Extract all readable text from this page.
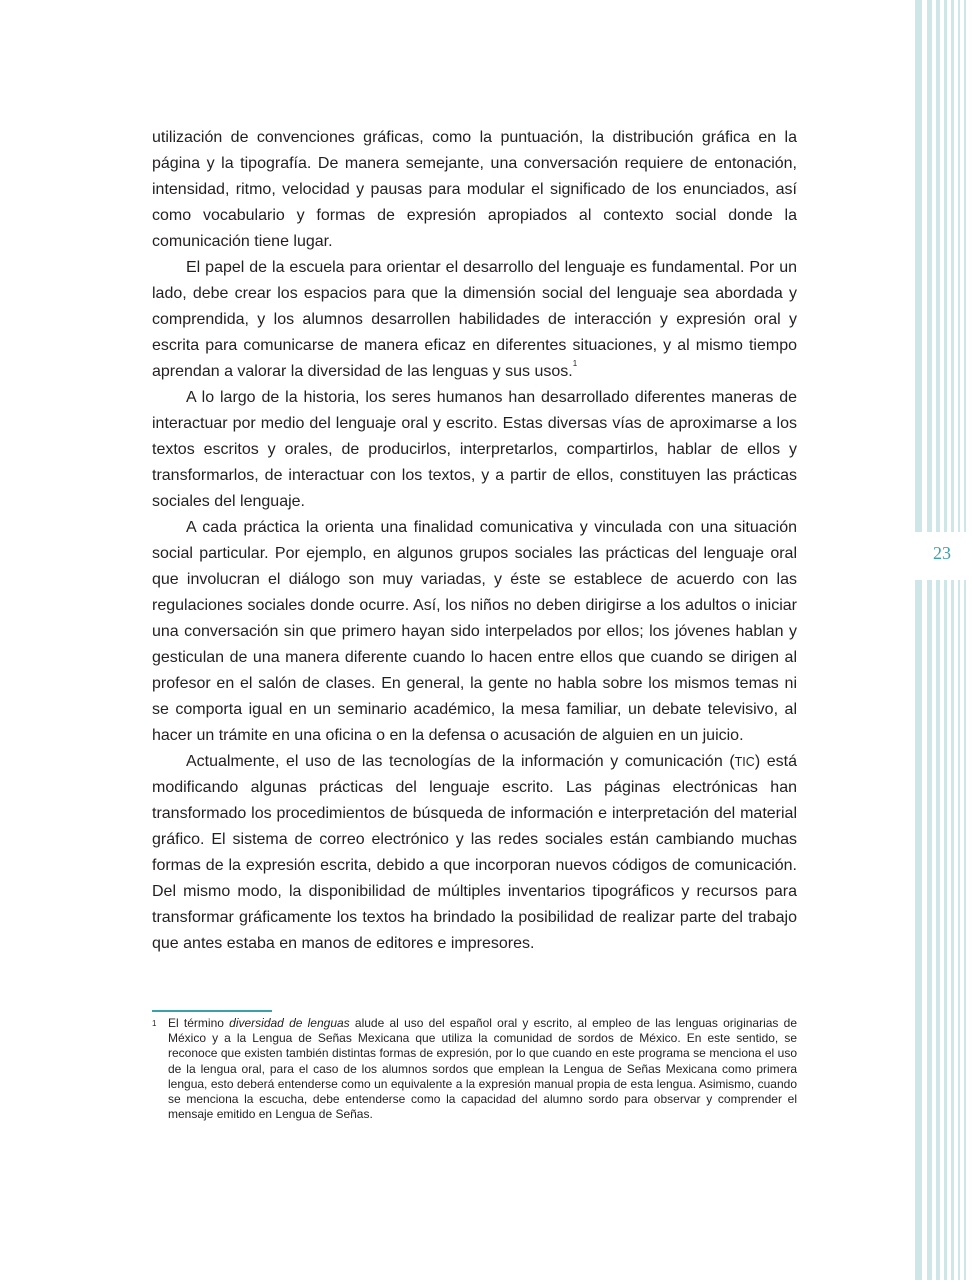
23

utilización de convenciones gráficas, como la puntuación, la distribución gráfica en la página y la tipografía. De manera semejante, una conversación requiere de entonación, intensidad, ritmo, velocidad y pausas para modular el significado de los enunciados, así como vocabulario y formas de expresión apropiados al contexto social donde la comunicación tiene lugar.

El papel de la escuela para orientar el desarrollo del lenguaje es fundamental. Por un lado, debe crear los espacios para que la dimensión social del lenguaje sea abordada y comprendida, y los alumnos desarrollen habilidades de interacción y expresión oral y escrita para comunicarse de manera eficaz en diferentes situaciones, y al mismo tiempo aprendan a valorar la diversidad de las lenguas y sus usos.$^1$

A lo largo de la historia, los seres humanos han desarrollado diferentes maneras de interactuar por medio del lenguaje oral y escrito. Estas diversas vías de aproximarse a los textos escritos y orales, de producirlos, interpretarlos, compartirlos, hablar de ellos y transformarlos, de interactuar con los textos, y a partir de ellos, constituyen las prácticas sociales del lenguaje.

A cada práctica la orienta una finalidad comunicativa y vinculada con una situación social particular. Por ejemplo, en algunos grupos sociales las prácticas del lenguaje oral que involucran el diálogo son muy variadas, y éste se establece de acuerdo con las regulaciones sociales donde ocurre. Así, los niños no deben dirigirse a los adultos o iniciar una conversación sin que primero hayan sido interpelados por ellos; los jóvenes hablan y gesticulan de una manera diferente cuando lo hacen entre ellos que cuando se dirigen al profesor en el salón de clases. En general, la gente no habla sobre los mismos temas ni se comporta igual en un seminario académico, la mesa familiar, un debate televisivo, al hacer un trámite en una oficina o en la defensa o acusación de alguien en un juicio.

Actualmente, el uso de las tecnologías de la información y comunicación (TIC) está modificando algunas prácticas del lenguaje escrito. Las páginas electrónicas han transformado los procedimientos de búsqueda de información e interpretación del material gráfico. El sistema de correo electrónico y las redes sociales están cambiando muchas formas de la expresión escrita, debido a que incorporan nuevos códigos de comunicación. Del mismo modo, la disponibilidad de múltiples inventarios tipográficos y recursos para transformar gráficamente los textos ha brindado la posibilidad de realizar parte del trabajo que antes estaba en manos de editores e impresores.

1 El término diversidad de lenguas alude al uso del español oral y escrito, al empleo de las lenguas originarias de México y a la Lengua de Señas Mexicana que utiliza la comunidad de sordos de México. En este sentido, se reconoce que existen también distintas formas de expresión, por lo que cuando en este programa se menciona el uso de la lengua oral, para el caso de los alumnos sordos que emplean la Lengua de Señas Mexicana como primera lengua, esto deberá entenderse como un equivalente a la expresión manual propia de esta lengua. Asimismo, cuando se menciona la escucha, debe entenderse como la capacidad del alumno sordo para observar y comprender el mensaje emitido en Lengua de Señas.
